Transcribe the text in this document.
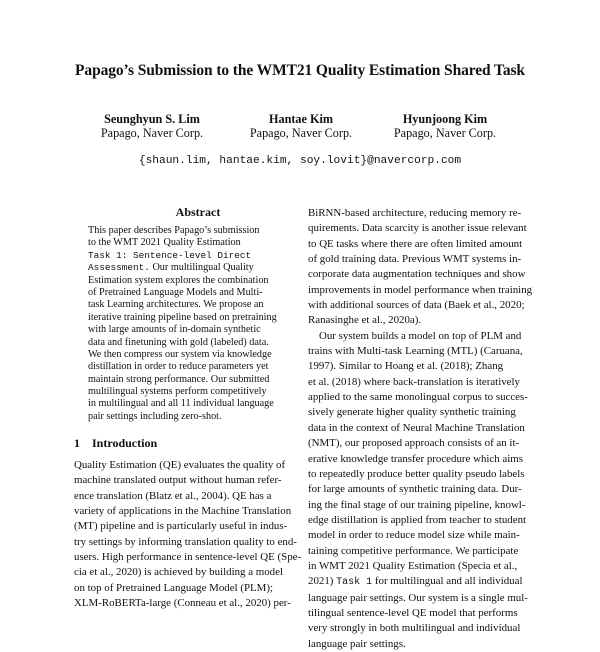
Papago’s Submission to the WMT21 Quality Estimation Shared Task
Seunghyun S. Lim
Papago, Naver Corp.
Hantae Kim
Papago, Naver Corp.
Hyunjoong Kim
Papago, Naver Corp.
{shaun.lim, hantae.kim, soy.lovit}@navercorp.com
Abstract
This paper describes Papago’s submission
to the WMT 2021 Quality Estimation
Task 1: Sentence-level Direct
Assessment. Our multilingual Quality
Estimation system explores the combination
of Pretrained Language Models and Multi-
task Learning architectures. We propose an
iterative training pipeline based on pretraining
with large amounts of in-domain synthetic
data and finetuning with gold (labeled) data.
We then compress our system via knowledge
distillation in order to reduce parameters yet
maintain strong performance. Our submitted
multilingual systems perform competitively
in multilingual and all 11 individual language
pair settings including zero-shot.
1 Introduction
Quality Estimation (QE) evaluates the quality of
machine translated output without human refer-
ence translation (Blatz et al., 2004). QE has a
variety of applications in the Machine Translation
(MT) pipeline and is particularly useful in indus-
try settings by informing translation quality to end-
users. High performance in sentence-level QE (Spe-
cia et al., 2020) is achieved by building a model
on top of Pretrained Language Model (PLM);
XLM-RoBERTa-large (Conneau et al., 2020) per-
BiRNN-based architecture, reducing memory re-
quirements. Data scarcity is another issue relevant
to QE tasks where there are often limited amount
of gold training data. Previous WMT systems in-
corporate data augmentation techniques and show
improvements in model performance when training
with additional sources of data (Baek et al., 2020;
Ranasinghe et al., 2020a).
Our system builds a model on top of PLM and
trains with Multi-task Learning (MTL) (Caruana,
1997). Similar to Hoang et al. (2018); Zhang
et al. (2018) where back-translation is iteratively
applied to the same monolingual corpus to succes-
sively generate higher quality synthetic training
data in the context of Neural Machine Translation
(NMT), our proposed approach consists of an it-
erative knowledge transfer procedure which aims
to repeatedly produce better quality pseudo labels
for large amounts of synthetic training data. Dur-
ing the final stage of our training pipeline, knowl-
edge distillation is applied from teacher to student
model in order to reduce model size while main-
taining competitive performance. We participate
in WMT 2021 Quality Estimation (Specia et al.,
2021) Task 1 for multilingual and all individual
language pair settings. Our system is a single mul-
tilingual sentence-level QE model that performs
very strongly in both multilingual and individual
language pair settings.
